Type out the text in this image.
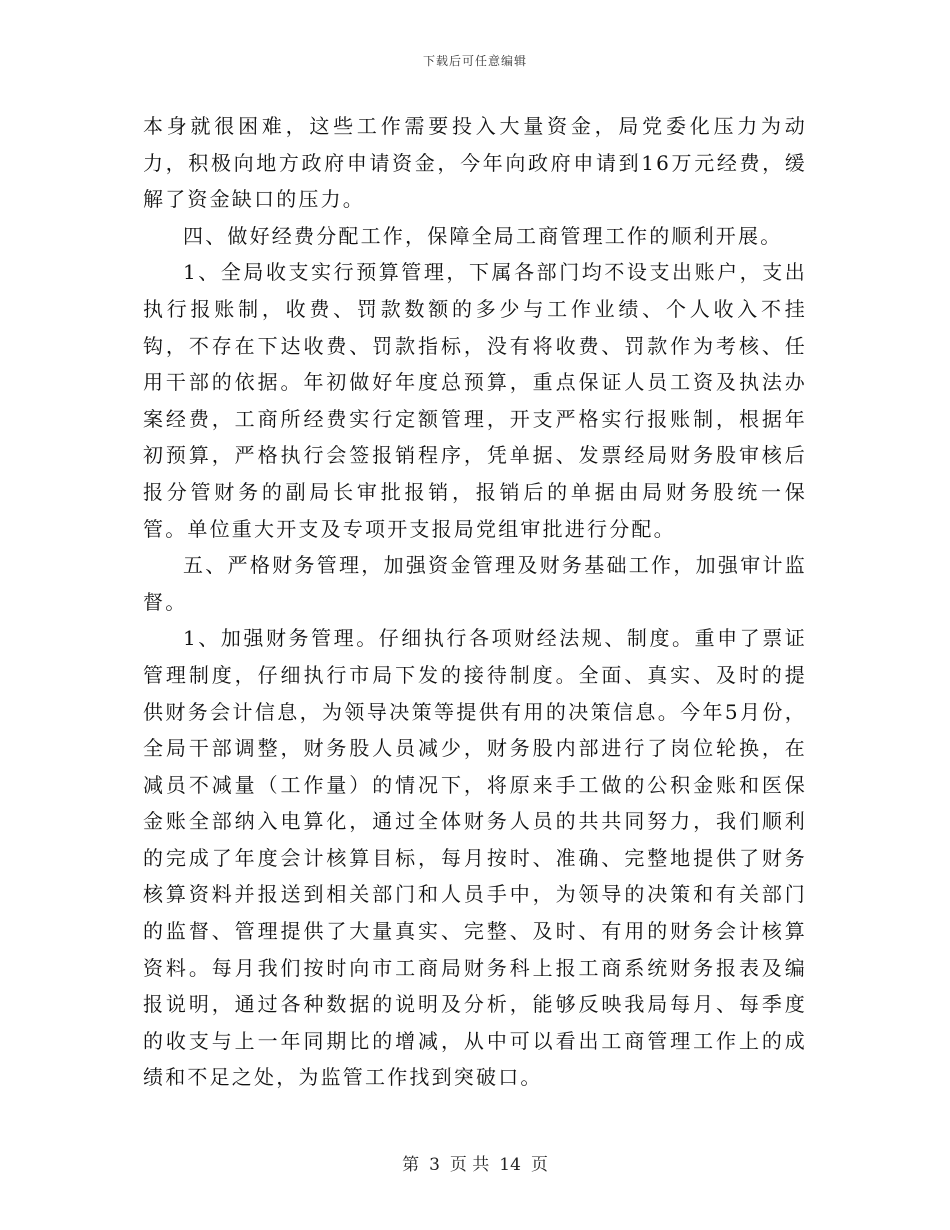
下载后可任意编辑

本身就很困难，这些工作需要投入大量资金，局党委化压力为动力，积极向地方政府申请资金，今年向政府申请到16万元经费，缓解了资金缺口的压力。

四、做好经费分配工作，保障全局工商管理工作的顺利开展。

1、全局收支实行预算管理，下属各部门均不设支出账户，支出执行报账制，收费、罚款数额的多少与工作业绩、个人收入不挂钩，不存在下达收费、罚款指标，没有将收费、罚款作为考核、任用干部的依据。年初做好年度总预算，重点保证人员工资及执法办案经费，工商所经费实行定额管理，开支严格实行报账制，根据年初预算，严格执行会签报销程序，凭单据、发票经局财务股审核后报分管财务的副局长审批报销，报销后的单据由局财务股统一保管。单位重大开支及专项开支报局党组审批进行分配。

五、严格财务管理，加强资金管理及财务基础工作，加强审计监督。

1、加强财务管理。仔细执行各项财经法规、制度。重申了票证管理制度，仔细执行市局下发的接待制度。全面、真实、及时的提供财务会计信息，为领导决策等提供有用的决策信息。今年5月份，全局干部调整，财务股人员减少，财务股内部进行了岗位轮换，在减员不减量（工作量）的情况下，将原来手工做的公积金账和医保金账全部纳入电算化，通过全体财务人员的共共同努力，我们顺利的完成了年度会计核算目标，每月按时、准确、完整地提供了财务核算资料并报送到相关部门和人员手中，为领导的决策和有关部门的监督、管理提供了大量真实、完整、及时、有用的财务会计核算资料。每月我们按时向市工商局财务科上报工商系统财务报表及编报说明，通过各种数据的说明及分析，能够反映我局每月、每季度的收支与上一年同期比的增减，从中可以看出工商管理工作上的成绩和不足之处，为监管工作找到突破口。

第 3 页 共 14 页
